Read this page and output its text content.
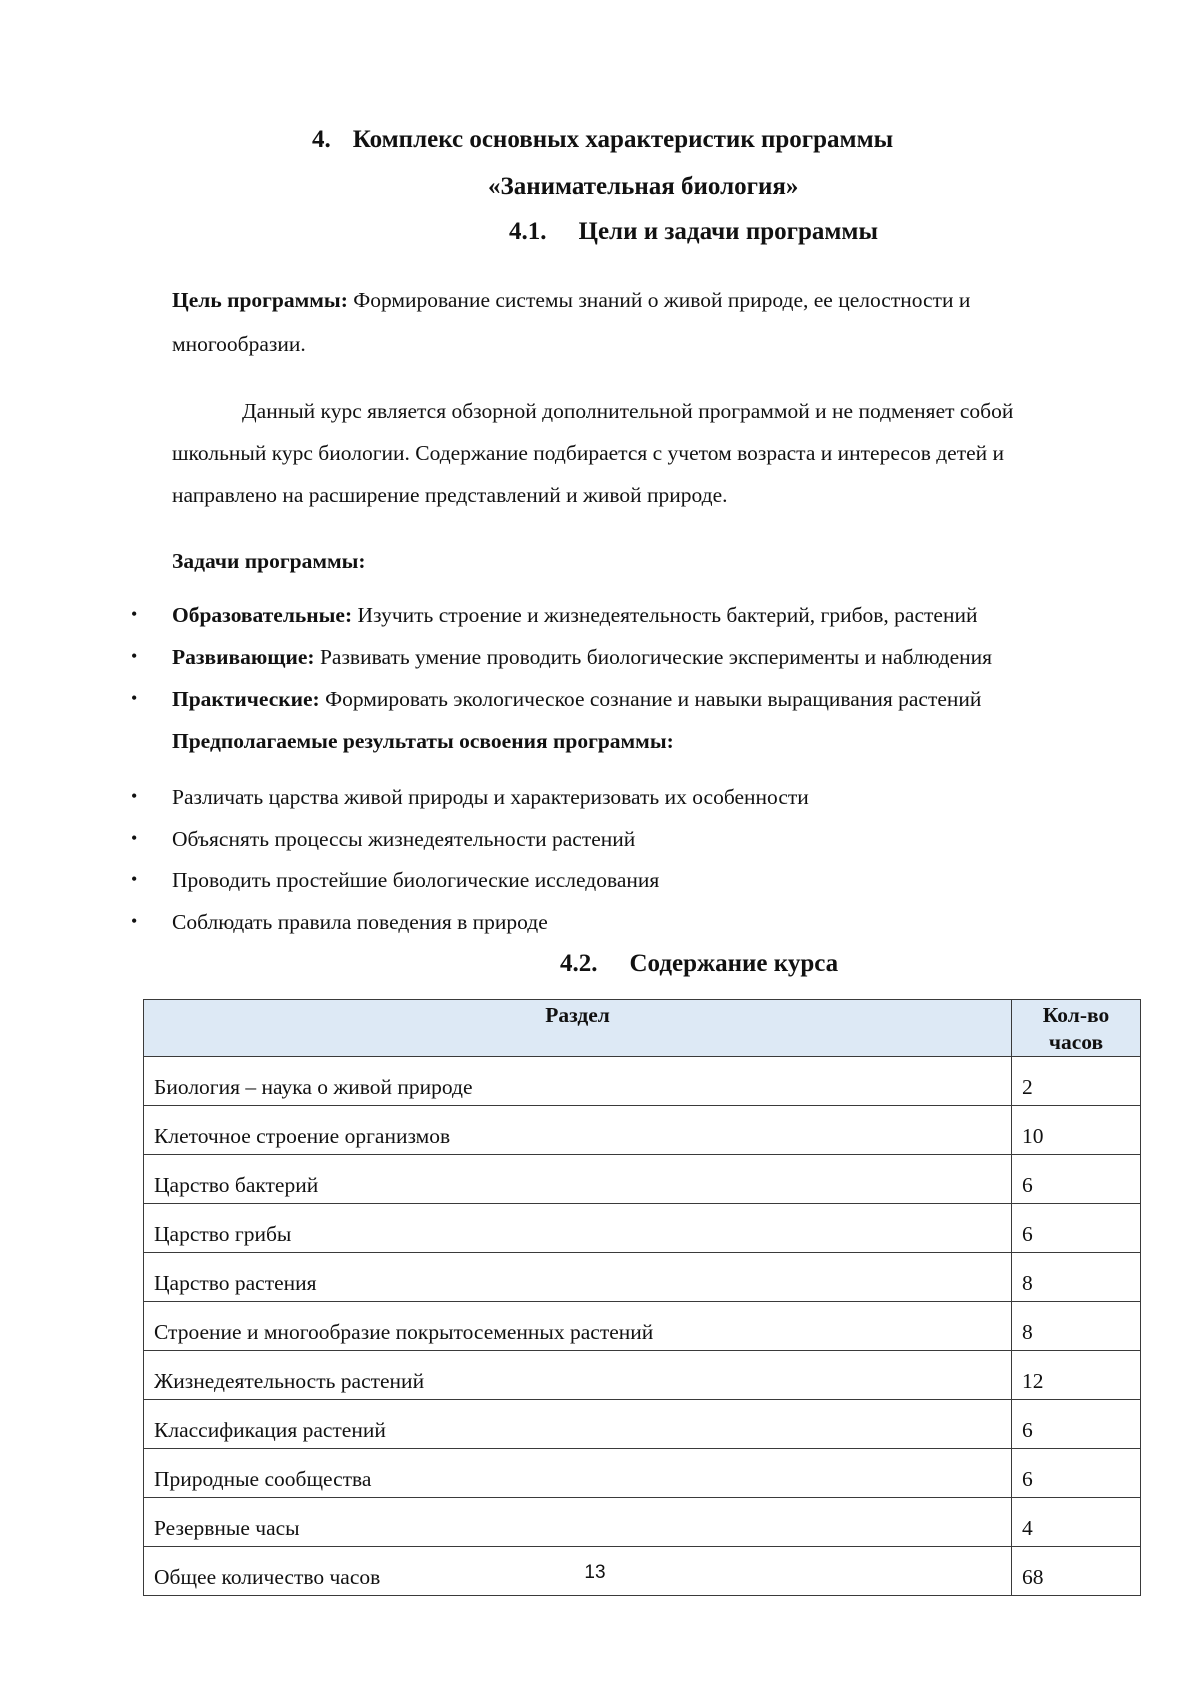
4. Комплекс основных характеристик программы
«Занимательная биология»
4.1. Цели и задачи программы
Цель программы: Формирование системы знаний о живой природе, ее целостности и
многообразии.
Данный курс является обзорной дополнительной программой и не подменяет собой
школьный курс биологии. Содержание подбирается с учетом возраста и интересов детей и
направлено на расширение представлений и живой природе.
Задачи программы:
• Образовательные: Изучить строение и жизнедеятельность бактерий, грибов, растений
• Развивающие: Развивать умение проводить биологические эксперименты и наблюдения
• Практические: Формировать экологическое сознание и навыки выращивания растений
Предполагаемые результаты освоения программы:
• Различать царства живой природы и характеризовать их особенности
• Объяснять процессы жизнедеятельности растений
• Проводить простейшие биологические исследования
• Соблюдать правила поведения в природе
4.2. Содержание курса
Раздел	Кол-во
часов
Биология – наука о живой природе	2
Клеточное строение организмов	10
Царство бактерий	6
Царство грибы	6
Царство растения	8
Строение и многообразие покрытосеменных растений	8
Жизнедеятельность растений	12
Классификация растений	6
Природные сообщества	6
Резервные часы	4
Общее количество часов	68
13
